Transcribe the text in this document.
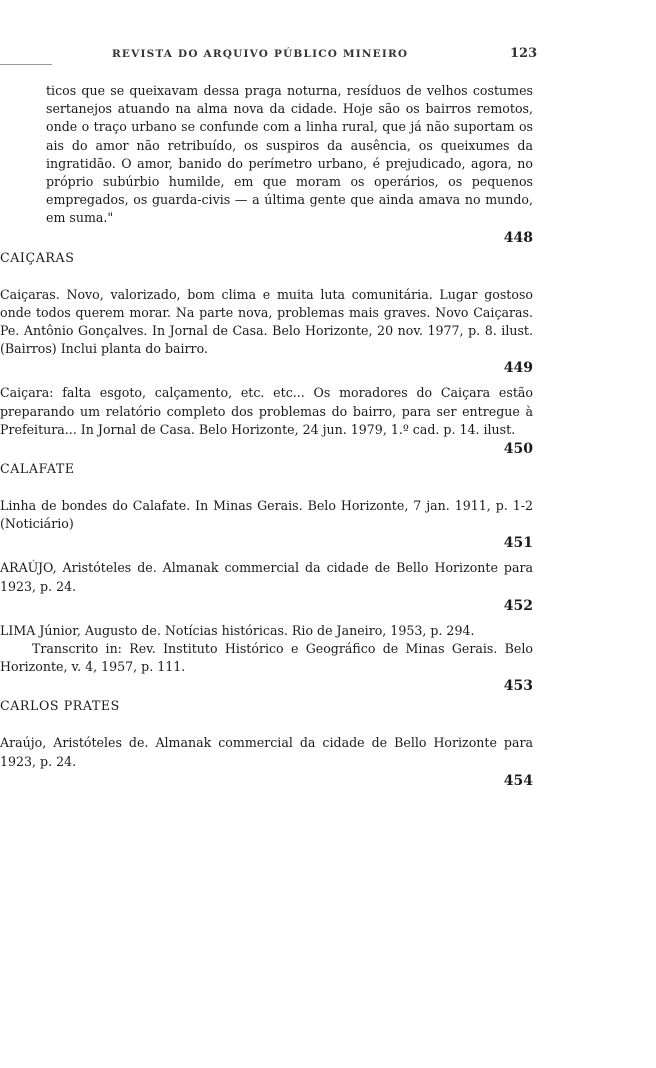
REVISTA DO ARQUIVO PÚBLICO MINEIRO	123

ticos que se queixavam dessa praga noturna, resíduos de velhos costumes sertanejos atuando na alma nova da cidade. Hoje são os bairros remotos, onde o traço urbano se confunde com a linha rural, que já não suportam os ais do amor não retribuído, os suspiros da ausência, os queixumes da ingratidão. O amor, banido do perímetro urbano, é prejudicado, agora, no próprio subúrbio humilde, em que moram os operários, os pequenos empregados, os guarda-civis — a última gente que ainda amava no mundo, em suma."

448
CAIÇARAS

Caiçaras. Novo, valorizado, bom clima e muita luta comunitária. Lugar gostoso onde todos querem morar. Na parte nova, problemas mais graves. Novo Caiçaras. Pe. Antônio Gonçalves. In Jornal de Casa. Belo Horizonte, 20 nov. 1977, p. 8. ilust. (Bairros) Inclui planta do bairro.

449

Caiçara: falta esgoto, calçamento, etc. etc... Os moradores do Caiçara estão preparando um relatório completo dos problemas do bairro, para ser entregue à Prefeitura... In Jornal de Casa. Belo Horizonte, 24 jun. 1979, 1.º cad. p. 14. ilust.

450
CALAFATE

Linha de bondes do Calafate. In Minas Gerais. Belo Horizonte, 7 jan. 1911, p. 1-2 (Noticiário)

451

ARAÚJO, Aristóteles de. Almanak commercial da cidade de Bello Horizonte para 1923, p. 24.

452

LIMA Júnior, Augusto de. Notícias históricas. Rio de Janeiro, 1953, p. 294.

Transcrito in: Rev. Instituto Histórico e Geográfico de Minas Gerais. Belo Horizonte, v. 4, 1957, p. 111.

453
CARLOS PRATES

Araújo, Aristóteles de. Almanak commercial da cidade de Bello Horizonte para 1923, p. 24.

454
